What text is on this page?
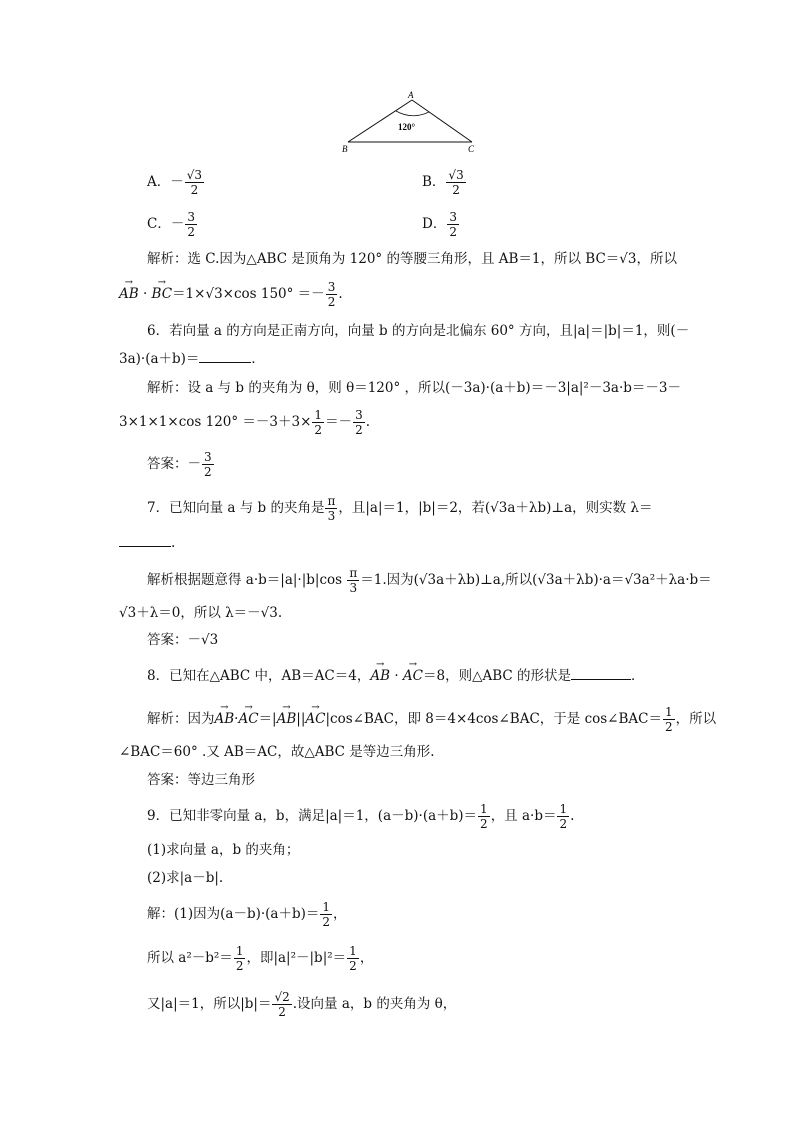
A
B	C
120°
A．－ $\frac{√3}{2}$	B． $\frac{√3}{2}$
C．－ $\frac{3}{2}$	D． $\frac{3}{2}$
解析：选 C.因为△ABC 是顶角为 120° 的等腰三角形，且 AB＝1，所以 BC＝√3，所以
→ AB · → BC＝1×√3×cos $150^\circ =- \frac{3}{2}$ .
6．若向量 a 的方向是正南方向，向量 b 的方向是北偏东 60° 方向，且|a|＝|b|＝1，则(－
3a)·(a＋b)＝	．
解析：设 a 与 b 的夹角为 θ，则 θ＝120° ，所以(－3a)·(a＋b)＝－3|a|²－3a·b＝－3－
3×1×1×cos $120^\circ =-3+3\times \frac{1}{2} =- \frac{3}{2}$ .
答案：－ $\frac{3}{2}$
7．已知向量 a 与 b 的夹角是 $\frac{\pi}{3}$ ，且|a|＝1，|b|＝2，若(√3a＋λb)⊥a，则实数 λ＝
.
解析根据题意得 $a\cdot b=|a|\cdot|b|\cos \frac{\pi}{3} =1$.因为(√3a＋λb)⊥a,所以(√3a＋λb)·a＝√3a²＋λa·b＝
√3＋λ＝0，所以 λ＝－√3.
答案：－√3
8．已知在△ABC 中，AB＝AC＝4，→ AB · → AC＝8，则△ABC 的形状是	．
解析：因为→ AB·→ AC＝|→ AB||→ AC|cos∠BAC，即 8＝4×4cos∠BAC，于是 cos∠BAC＝ $\frac{1}{2}$ ，所以
∠BAC＝60° .又 AB＝AC，故△ABC 是等边三角形.
答案：等边三角形
9．已知非零向量 a，b，满足|a|＝1，$(a-b)\cdot(a+b)= \frac{1}{2}$ ，且 $a\cdot b= \frac{1}{2}$ .
(1)求向量 a，b 的夹角；
(2)求|a－b|.
解：(1)因为$(a-b)\cdot(a+b)= \frac{1}{2}$ ，
所以 $a^2-b^2= \frac{1}{2}$ ，即$|a|^2-|b|^2= \frac{1}{2}$ ，
又|a|＝1，所以$|b|= \frac{√2}{2}$ .设向量 a，b 的夹角为 θ，
